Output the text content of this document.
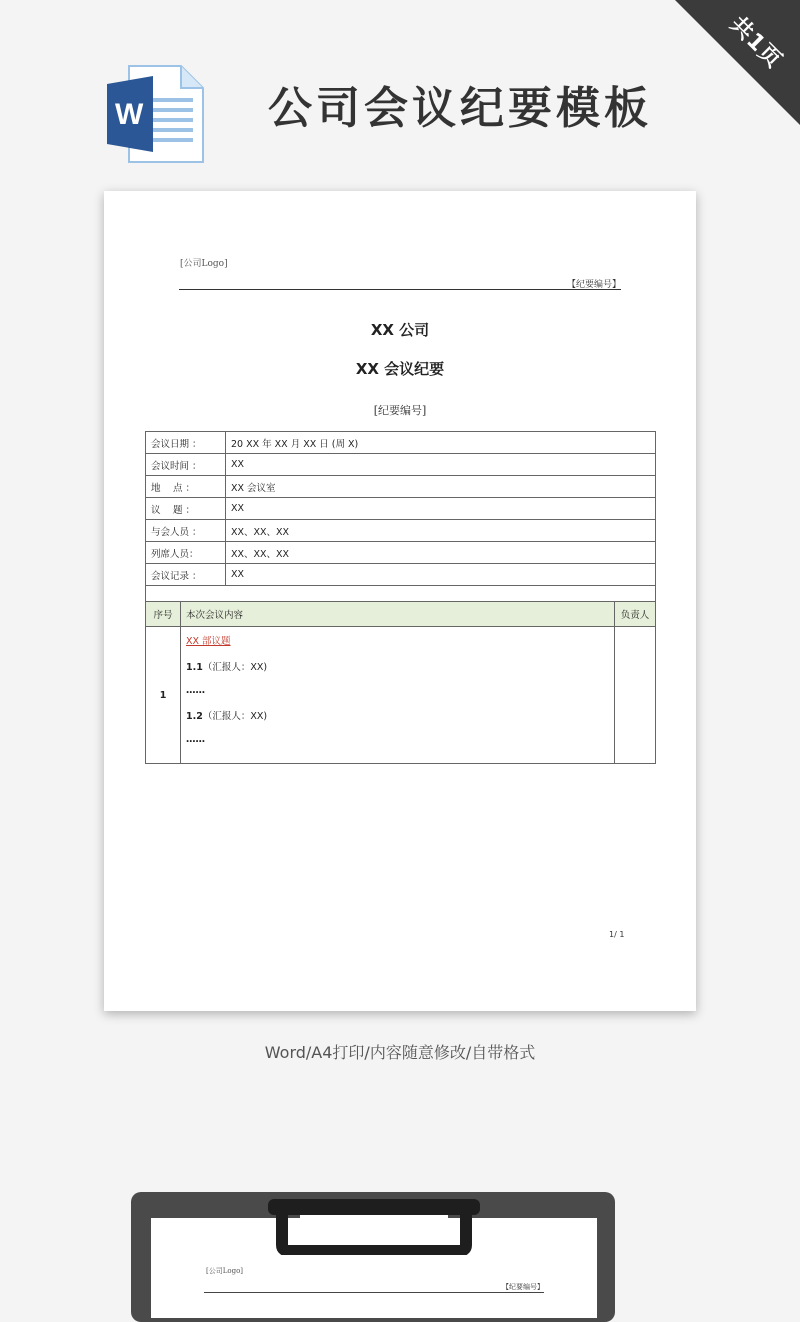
共1页
W	公司会议纪要模板
[公司Logo]
【纪要编号】
XX 公司
XX 会议纪要
[纪要编号]
会议日期 ：		20 XX 年 XX 月 XX 日 (周 X)	
会议时间 ：		XX	
地　 点 ：		XX 会议室	
议　 题 ：		XX	
与会人员 ：		XX、XX、XX	
列席人员：		XX、XX、XX	
会议记录 ：		XX	

序号	本次会议内容		负责人
1	XX 部议题
1.1（汇报人：XX)
……
1.2（汇报人：XX)
……		

1/ 1
Word/A4打印/内容随意修改/自带格式
[公司Logo]
【纪要编号】
